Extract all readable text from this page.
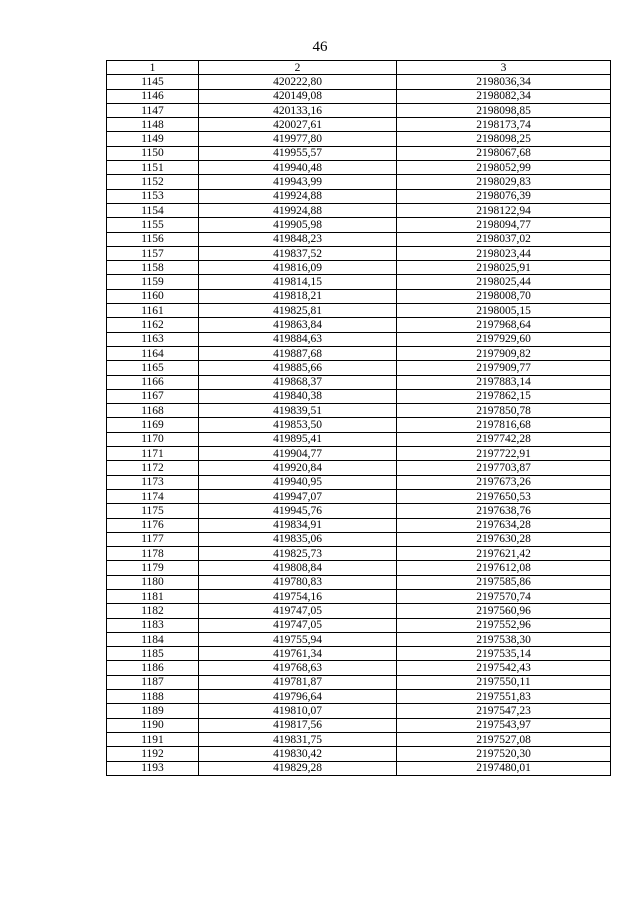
46
1	2	3
1145	420222,80	2198036,34
1146	420149,08	2198082,34
1147	420133,16	2198098,85
1148	420027,61	2198173,74
1149	419977,80	2198098,25
1150	419955,57	2198067,68
1151	419940,48	2198052,99
1152	419943,99	2198029,83
1153	419924,88	2198076,39
1154	419924,88	2198122,94
1155	419905,98	2198094,77
1156	419848,23	2198037,02
1157	419837,52	2198023,44
1158	419816,09	2198025,91
1159	419814,15	2198025,44
1160	419818,21	2198008,70
1161	419825,81	2198005,15
1162	419863,84	2197968,64
1163	419884,63	2197929,60
1164	419887,68	2197909,82
1165	419885,66	2197909,77
1166	419868,37	2197883,14
1167	419840,38	2197862,15
1168	419839,51	2197850,78
1169	419853,50	2197816,68
1170	419895,41	2197742,28
1171	419904,77	2197722,91
1172	419920,84	2197703,87
1173	419940,95	2197673,26
1174	419947,07	2197650,53
1175	419945,76	2197638,76
1176	419834,91	2197634,28
1177	419835,06	2197630,28
1178	419825,73	2197621,42
1179	419808,84	2197612,08
1180	419780,83	2197585,86
1181	419754,16	2197570,74
1182	419747,05	2197560,96
1183	419747,05	2197552,96
1184	419755,94	2197538,30
1185	419761,34	2197535,14
1186	419768,63	2197542,43
1187	419781,87	2197550,11
1188	419796,64	2197551,83
1189	419810,07	2197547,23
1190	419817,56	2197543,97
1191	419831,75	2197527,08
1192	419830,42	2197520,30
1193	419829,28	2197480,01
